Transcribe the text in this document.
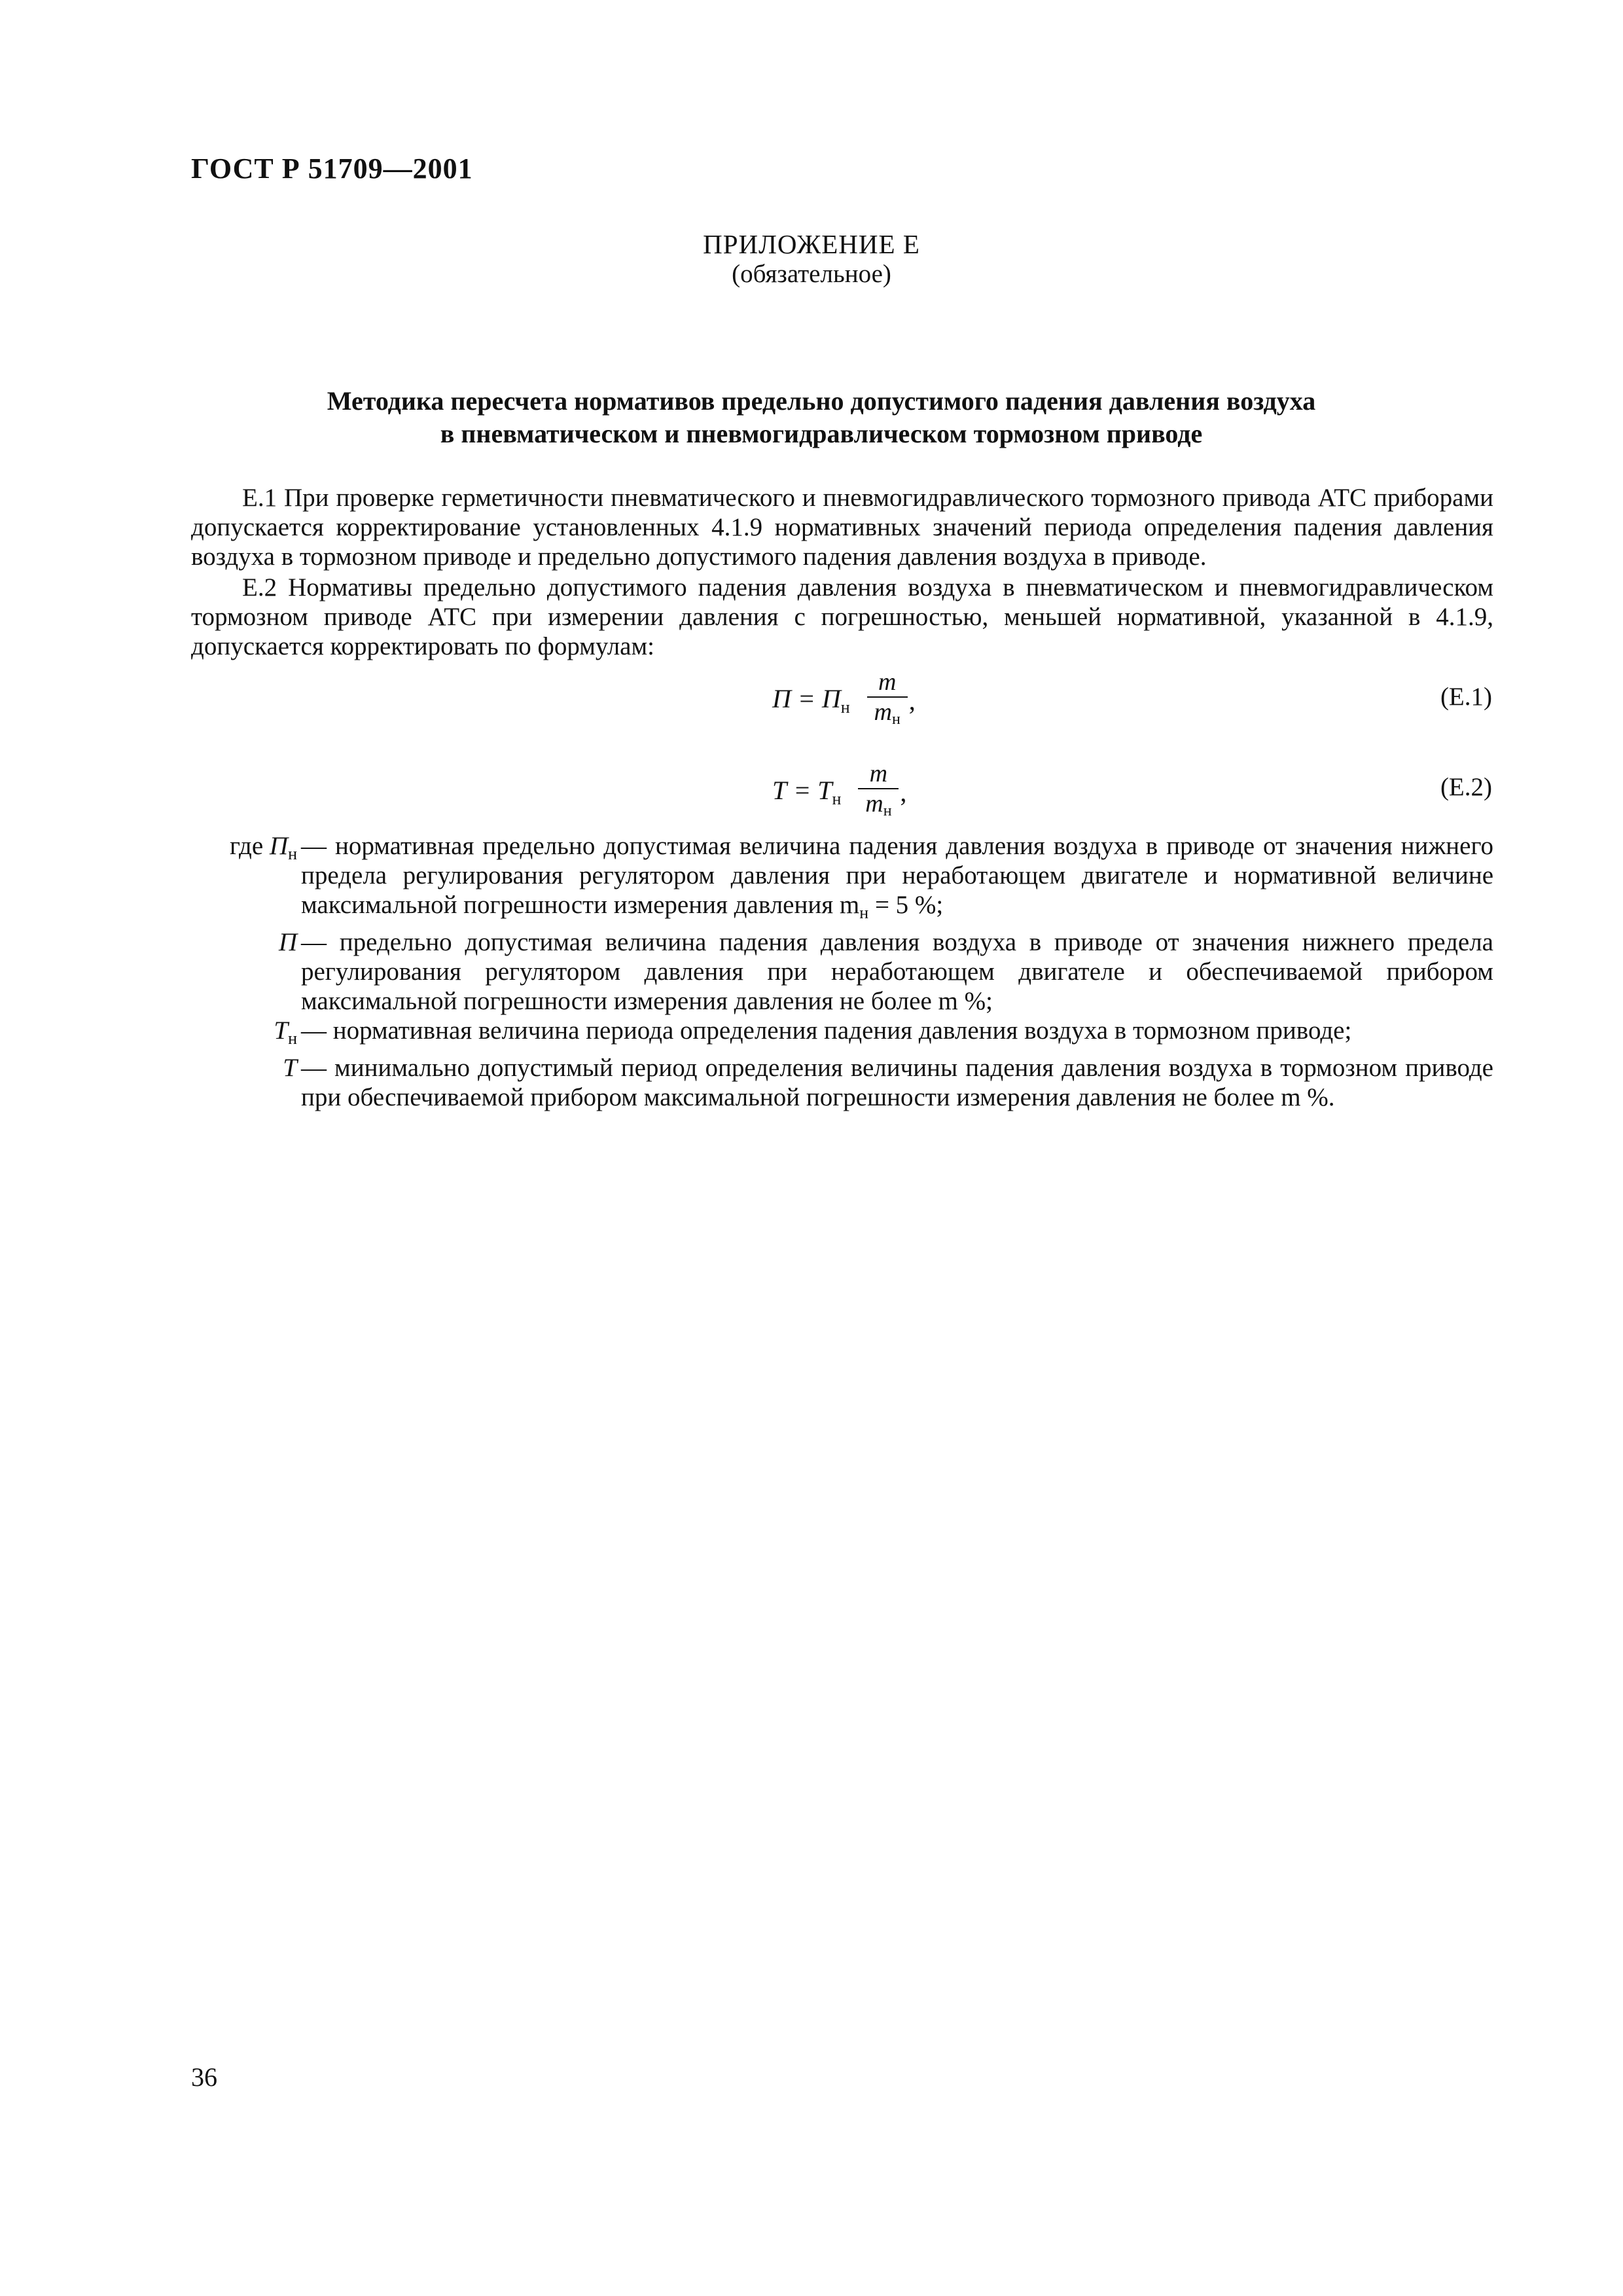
ГОСТ Р 51709—2001
ПРИЛОЖЕНИЕ Е
(обязательное)
Методика пересчета нормативов предельно допустимого падения давления воздуха
в пневматическом и пневмогидравлическом тормозном приводе

Е.1 При проверке герметичности пневматического и пневмогидравлического тормозного привода АТС приборами допускается корректирование установленных 4.1.9 нормативных значений периода определения падения давления воздуха в тормозном приводе и предельно допустимого падения давления воздуха в приводе.

Е.2 Нормативы предельно допустимого падения давления воздуха в пневматическом и пневмогидравлическом тормозном приводе АТС при измерении давления с погрешностью, меньшей нормативной, указанной в 4.1.9, допускается корректировать по формулам:

$П = П_н \frac{m}{m_н}$ ,	(Е.1)
$Т = Т_н \frac{m}{m_н}$ ,	(Е.2)
где $П_н$ — нормативная предельно допустимая величина падения давления воздуха в приводе от значения нижнего предела регулирования регулятором давления при неработающем двигателе и нормативной величине максимальной погрешности измерения давления $m_н = 5$ %;
П — предельно допустимая величина падения давления воздуха в приводе от значения нижнего предела регулирования регулятором давления при неработающем двигателе и обеспечиваемой прибором максимальной погрешности измерения давления не более m %;
$Т_н$ — нормативная величина периода определения падения давления воздуха в тормозном приводе;
Т — минимально допустимый период определения величины падения давления воздуха в тормозном приводе при обеспечиваемой прибором максимальной погрешности измерения давления не более m %.
36
